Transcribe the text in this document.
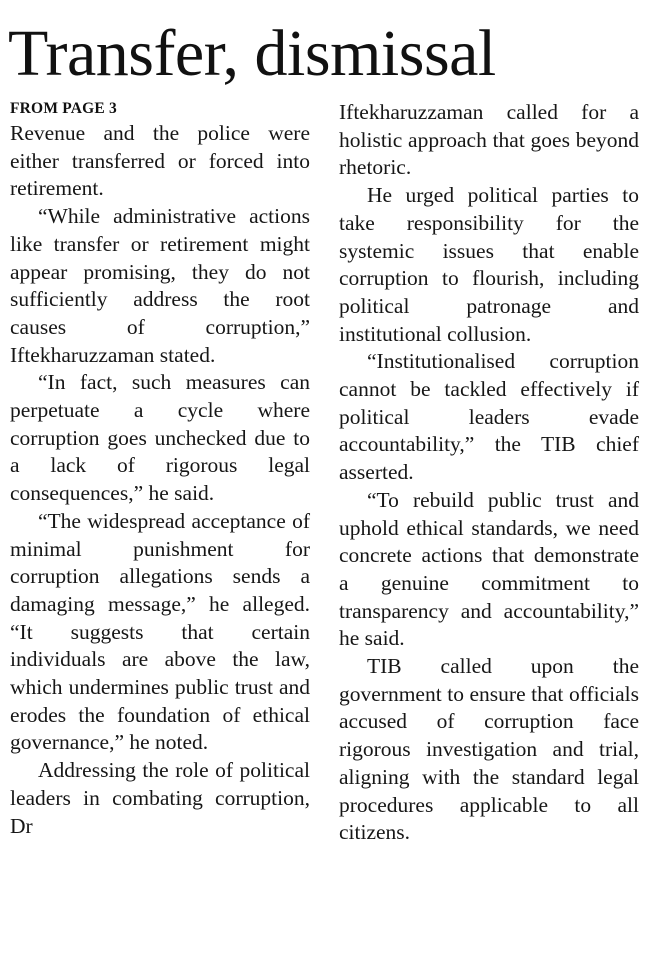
Transfer, dismissal
FROM PAGE 3

Revenue and the police were either transferred or forced into retirement.

“While administrative actions like transfer or retirement might appear promising, they do not sufficiently address the root causes of corruption,” Iftekharuzzaman stated.

“In fact, such measures can perpetuate a cycle where corruption goes unchecked due to a lack of rigorous legal consequences,” he said.

“The widespread acceptance of minimal punishment for corruption allegations sends a damaging message,” he alleged. “It suggests that certain individuals are above the law, which undermines public trust and erodes the foundation of ethical governance,” he noted.

Addressing the role of political leaders in combating corruption, Dr

Iftekharuzzaman called for a holistic approach that goes beyond rhetoric.

He urged political parties to take responsibility for the systemic issues that enable corruption to flourish, including political patronage and institutional collusion.

“Institutionalised corruption cannot be tackled effectively if political leaders evade accountability,” the TIB chief asserted.

“To rebuild public trust and uphold ethical standards, we need concrete actions that demonstrate a genuine commitment to transparency and accountability,” he said.

TIB called upon the government to ensure that officials accused of corruption face rigorous investigation and trial, aligning with the standard legal procedures applicable to all citizens.
